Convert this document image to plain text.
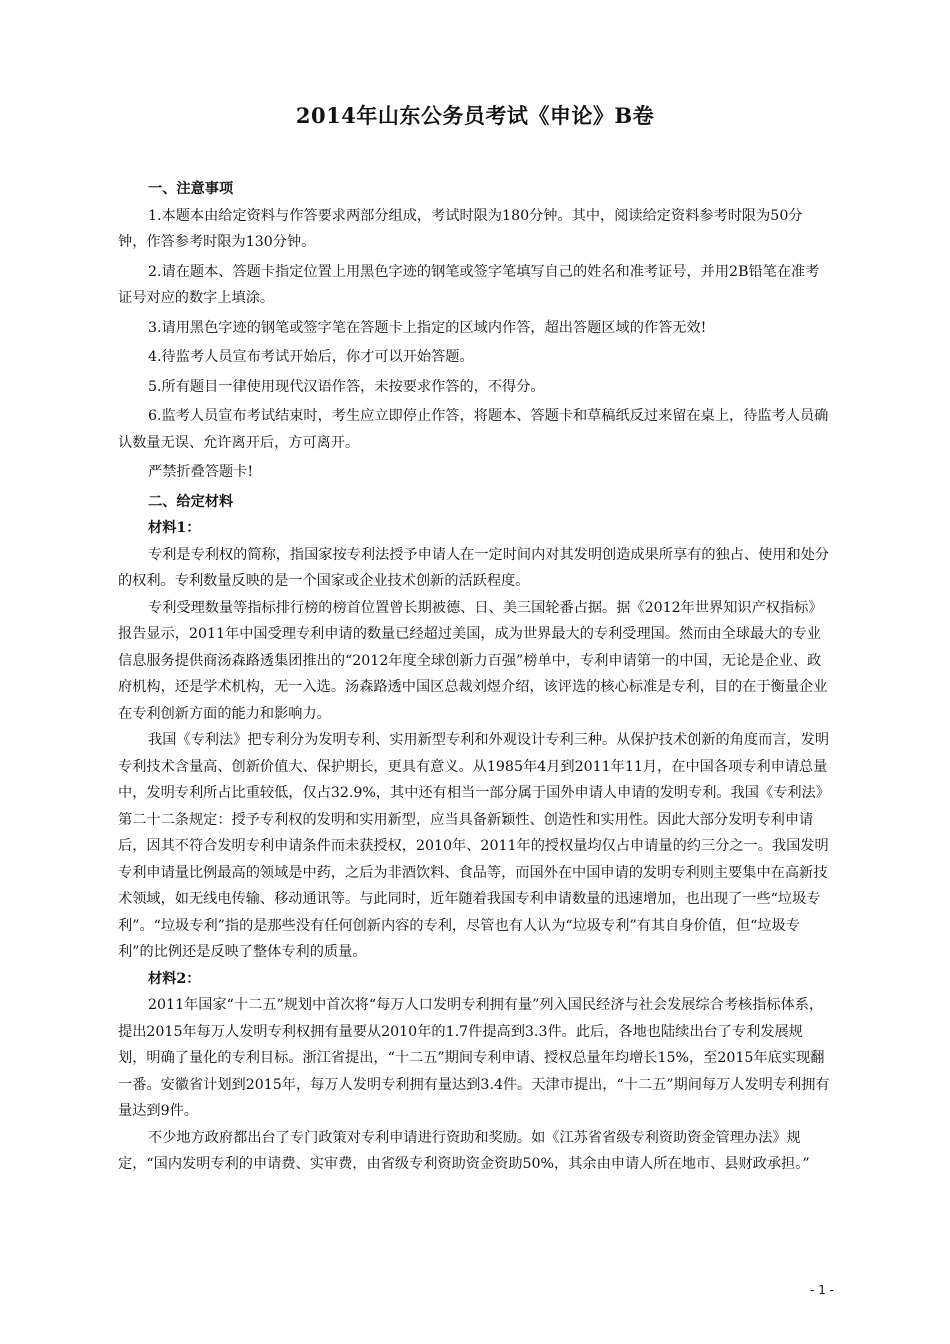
2014年山东公务员考试《申论》B卷

一、注意事项

1.本题本由给定资料与作答要求两部分组成，考试时限为180分钟。其中，阅读给定资料参考时限为50分钟，作答参考时限为130分钟。

2.请在题本、答题卡指定位置上用黑色字迹的钢笔或签字笔填写自己的姓名和准考证号，并用2B铅笔在准考证号对应的数字上填涂。

3.请用黑色字迹的钢笔或签字笔在答题卡上指定的区域内作答，超出答题区域的作答无效!

4.待监考人员宣布考试开始后，你才可以开始答题。

5.所有题目一律使用现代汉语作答，未按要求作答的，不得分。

6.监考人员宣布考试结束时，考生应立即停止作答，将题本、答题卡和草稿纸反过来留在桌上，待监考人员确认数量无误、允许离开后，方可离开。

严禁折叠答题卡!

二、给定材料

材料1：

专利是专利权的简称，指国家按专利法授予申请人在一定时间内对其发明创造成果所享有的独占、使用和处分的权利。专利数量反映的是一个国家或企业技术创新的活跃程度。

专利受理数量等指标排行榜的榜首位置曾长期被德、日、美三国轮番占据。据《2012年世界知识产权指标》报告显示，2011年中国受理专利申请的数量已经超过美国，成为世界最大的专利受理国。然而由全球最大的专业信息服务提供商汤森路透集团推出的“2012年度全球创新力百强”榜单中，专利申请第一的中国，无论是企业、政府机构，还是学术机构，无一入选。汤森路透中国区总裁刘煜介绍，该评选的核心标准是专利，目的在于衡量企业在专利创新方面的能力和影响力。

我国《专利法》把专利分为发明专利、实用新型专利和外观设计专利三种。从保护技术创新的角度而言，发明专利技术含量高、创新价值大、保护期长，更具有意义。从1985年4月到2011年11月，在中国各项专利申请总量中，发明专利所占比重较低，仅占32.9%，其中还有相当一部分属于国外申请人申请的发明专利。我国《专利法》第二十二条规定：授予专利权的发明和实用新型，应当具备新颖性、创造性和实用性。因此大部分发明专利申请后，因其不符合发明专利申请条件而未获授权，2010年、2011年的授权量均仅占申请量的约三分之一。我国发明专利申请量比例最高的领域是中药，之后为非酒饮料、食品等，而国外在中国申请的发明专利则主要集中在高新技术领域，如无线电传输、移动通讯等。与此同时，近年随着我国专利申请数量的迅速增加，也出现了一些“垃圾专利”。“垃圾专利”指的是那些没有任何创新内容的专利，尽管也有人认为“垃圾专利”有其自身价值，但“垃圾专利”的比例还是反映了整体专利的质量。

材料2：

2011年国家“十二五”规划中首次将“每万人口发明专利拥有量”列入国民经济与社会发展综合考核指标体系，提出2015年每万人发明专利权拥有量要从2010年的1.7件提高到3.3件。此后，各地也陆续出台了专利发展规划，明确了量化的专利目标。浙江省提出，“十二五”期间专利申请、授权总量年均增长15%，至2015年底实现翻一番。安徽省计划到2015年，每万人发明专利拥有量达到3.4件。天津市提出，“十二五”期间每万人发明专利拥有量达到9件。

不少地方政府都出台了专门政策对专利申请进行资助和奖励。如《江苏省省级专利资助资金管理办法》规定，“国内发明专利的申请费、实审费，由省级专利资助资金资助50%，其余由申请人所在地市、县财政承担。”

- 1 -
